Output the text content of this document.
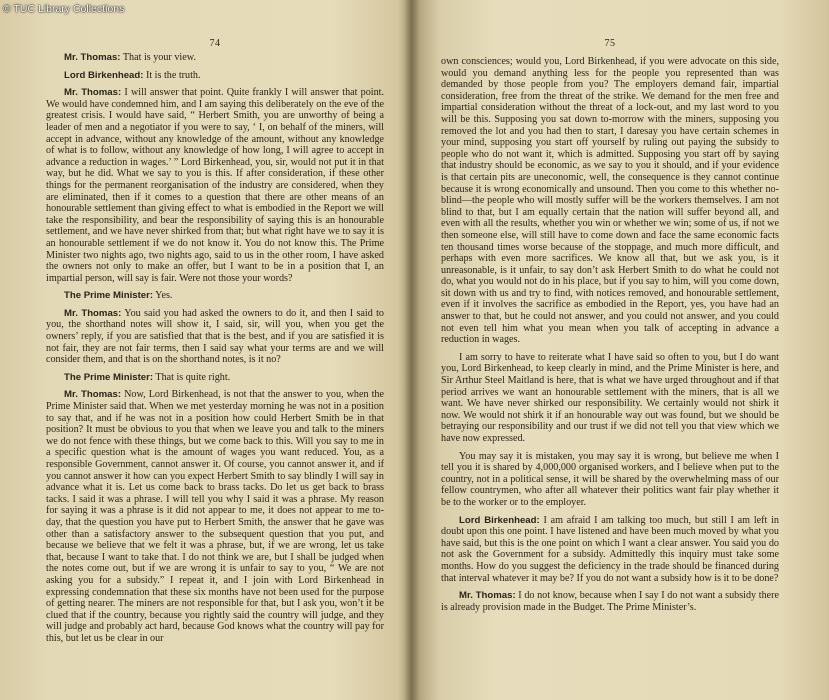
© TUC Library Collections
74

Mr. Thomas: That is your view.

Lord Birkenhead: It is the truth.

Mr. Thomas: I will answer that point. Quite frankly I will answer that point. We would have condemned him, and I am saying this deliberately on the eve of the greatest crisis. I would have said, “ Herbert Smith, you are unworthy of being a leader of men and a negotiator if you were to say, ‘ I, on behalf of the miners, will accept in advance, without any knowledge of the amount, without any knowledge of what is to follow, without any knowledge of how long, I will agree to accept in advance a reduction in wages.’ ” Lord Birkenhead, you, sir, would not put it in that way, but he did. What we say to you is this. If after consideration, if these other things for the permanent reorganisation of the industry are considered, when they are eliminated, then if it comes to a question that there are other means of an honourable settlement than giving effect to what is embodied in the Report we will take the responsibility, and bear the responsibility of saying this is an honourable settlement, and we have never shirked from that; but what right have we to say it is an honourable settlement if we do not know it. You do not know this. The Prime Minister two nights ago, two nights ago, said to us in the other room, I have asked the owners not only to make an offer, but I want to be in a position that I, an impartial person, will say is fair. Were not those your words?

The Prime Minister: Yes.

Mr. Thomas: You said you had asked the owners to do it, and then I said to you, the shorthand notes will show it, I said, sir, will you, when you get the owners’ reply, if you are satisfied that that is the best, and if you are satisfied it is not fair, they are not fair terms, then I said say what your terms are and we will consider them, and that is on the shorthand notes, is it no?

The Prime Minister: That is quite right.

Mr. Thomas: Now, Lord Birkenhead, is not that the answer to you, when the Prime Minister said that. When we met yesterday morning he was not in a position to say that, and if he was not in a position how could Herbert Smith be in that position? It must be obvious to you that when we leave you and talk to the miners we do not fence with these things, but we come back to this. Will you say to me in a specific question what is the amount of wages you want reduced. You, as a responsible Government, cannot answer it. Of course, you cannot answer it, and if you cannot answer it how can you expect Herbert Smith to say blindly I will say in advance what it is. Let us come back to brass tacks. Do let us get back to brass tacks. I said it was a phrase. I will tell you why I said it was a phrase. My reason for saying it was a phrase is it did not appear to me, it does not appear to me to-day, that the question you have put to Herbert Smith, the answer that he gave was other than a satisfactory answer to the subsequent question that you put, and because we believe that we felt it was a phrase, but, if we are wrong, let us take that, because I want to take that. I do not think we are, but I shall be judged when the notes come out, but if we are wrong it is unfair to say to you, “ We are not asking you for a subsidy.” I repeat it, and I join with Lord Birkenhead in expressing condemnation that these six months have not been used for the purpose of getting nearer. The miners are not responsible for that, but I ask you, won’t it be clued that if the country, because you rightly said the country will judge, and they will judge and probably act hard, because God knows what the country will pay for this, but let us be clear in our

75

own consciences; would you, Lord Birkenhead, if you were advocate on this side, would you demand anything less for the people you represented than was demanded by those people from you? The employers demand fair, impartial consideration, free from the threat of the strike. We demand for the men free and impartial consideration without the threat of a lock-out, and my last word to you will be this. Supposing you sat down to-morrow with the miners, supposing you removed the lot and you had then to start, I daresay you have certain schemes in your mind, supposing you start off yourself by ruling out paying the subsidy to people who do not want it, which is admitted. Supposing you start off by saying that industry should be economic, as we say to you it should, and if your evidence is that certain pits are uneconomic, well, the consequence is they cannot continue because it is wrong economically and unsound. Then you come to this whether no-blind—the people who will mostly suffer will be the workers themselves. I am not blind to that, but I am equally certain that the nation will suffer beyond all, and even with all the results, whether you win or whether we win; some of us, if not we then someone else, will still have to come down and face the same economic facts ten thousand times worse because of the stoppage, and much more difficult, and perhaps with even more sacrifices. We know all that, but we ask you, is it unreasonable, is it unfair, to say don’t ask Herbert Smith to do what he could not do, what you would not do in his place, but if you say to him, will you come down, sit down with us and try to find, with notices removed, and honourable settlement, even if it involves the sacrifice as embodied in the Report, yes, you have had an answer to that, but he could not answer, and you could not answer, and you could not even tell him what you mean when you talk of accepting in advance a reduction in wages.

I am sorry to have to reiterate what I have said so often to you, but I do want you, Lord Birkenhead, to keep clearly in mind, and the Prime Minister is here, and Sir Arthur Steel Maitland is here, that is what we have urged throughout and if that period arrives we want an honourable settlement with the miners, that is all we want. We have never shirked our responsibility. We certainly would not shirk it now. We would not shirk it if an honourable way out was found, but we should be betraying our responsibility and our trust if we did not tell you that view which we have now expressed.

You may say it is mistaken, you may say it is wrong, but believe me when I tell you it is shared by 4,000,000 organised workers, and I believe when put to the country, not in a political sense, it will be shared by the overwhelming mass of our fellow countrymen, who after all whatever their politics want fair play whether it be to the worker or to the employer.

Lord Birkenhead: I am afraid I am talking too much, but still I am left in doubt upon this one point. I have listened and have been much moved by what you have said, but this is the one point on which I want a clear answer. You said you do not ask the Government for a subsidy. Admittedly this inquiry must take some months. How do you suggest the deficiency in the trade should be financed during that interval whatever it may be? If you do not want a subsidy how is it to be done?

Mr. Thomas: I do not know, because when I say I do not want a subsidy there is already provision made in the Budget. The Prime Minister’s.
